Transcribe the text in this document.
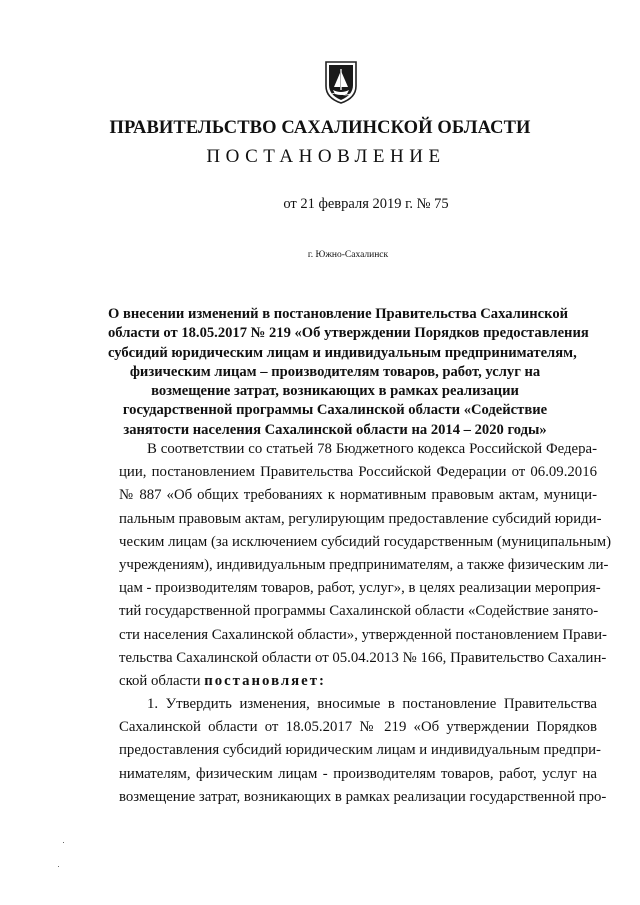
ПРАВИТЕЛЬСТВО САХАЛИНСКОЙ ОБЛАСТИ
ПОСТАНОВЛЕНИЕ
от 21 февраля 2019 г. № 75
г. Южно-Сахалинск
О внесении изменений в постановление Правительства Сахалинской
области от 18.05.2017 № 219 «Об утверждении Порядков предоставления
субсидий юридическим лицам и индивидуальным предпринимателям,
физическим лицам – производителям товаров, работ, услуг на
возмещение затрат, возникающих в рамках реализации
государственной программы Сахалинской области «Содействие
занятости населения Сахалинской области на 2014 – 2020 годы»
В соответствии со статьей 78 Бюджетного кодекса Российской Федера-
ции, постановлением Правительства Российской Федерации от 06.09.2016
№ 887 «Об общих требованиях к нормативным правовым актам, муници-
пальным правовым актам, регулирующим предоставление субсидий юриди-
ческим лицам (за исключением субсидий государственным (муниципальным)
учреждениям), индивидуальным предпринимателям, а также физическим ли-
цам - производителям товаров, работ, услуг», в целях реализации мероприя-
тий государственной программы Сахалинской области «Содействие занято-
сти населения Сахалинской области», утвержденной постановлением Прави-
тельства Сахалинской области от 05.04.2013 № 166, Правительство Сахалин-
ской области постановляет:
1. Утвердить изменения, вносимые в постановление Правительства
Сахалинской области от 18.05.2017 № 219 «Об утверждении Порядков
предоставления субсидий юридическим лицам и индивидуальным предпри-
нимателям, физическим лицам - производителям товаров, работ, услуг на
возмещение затрат, возникающих в рамках реализации государственной про-
